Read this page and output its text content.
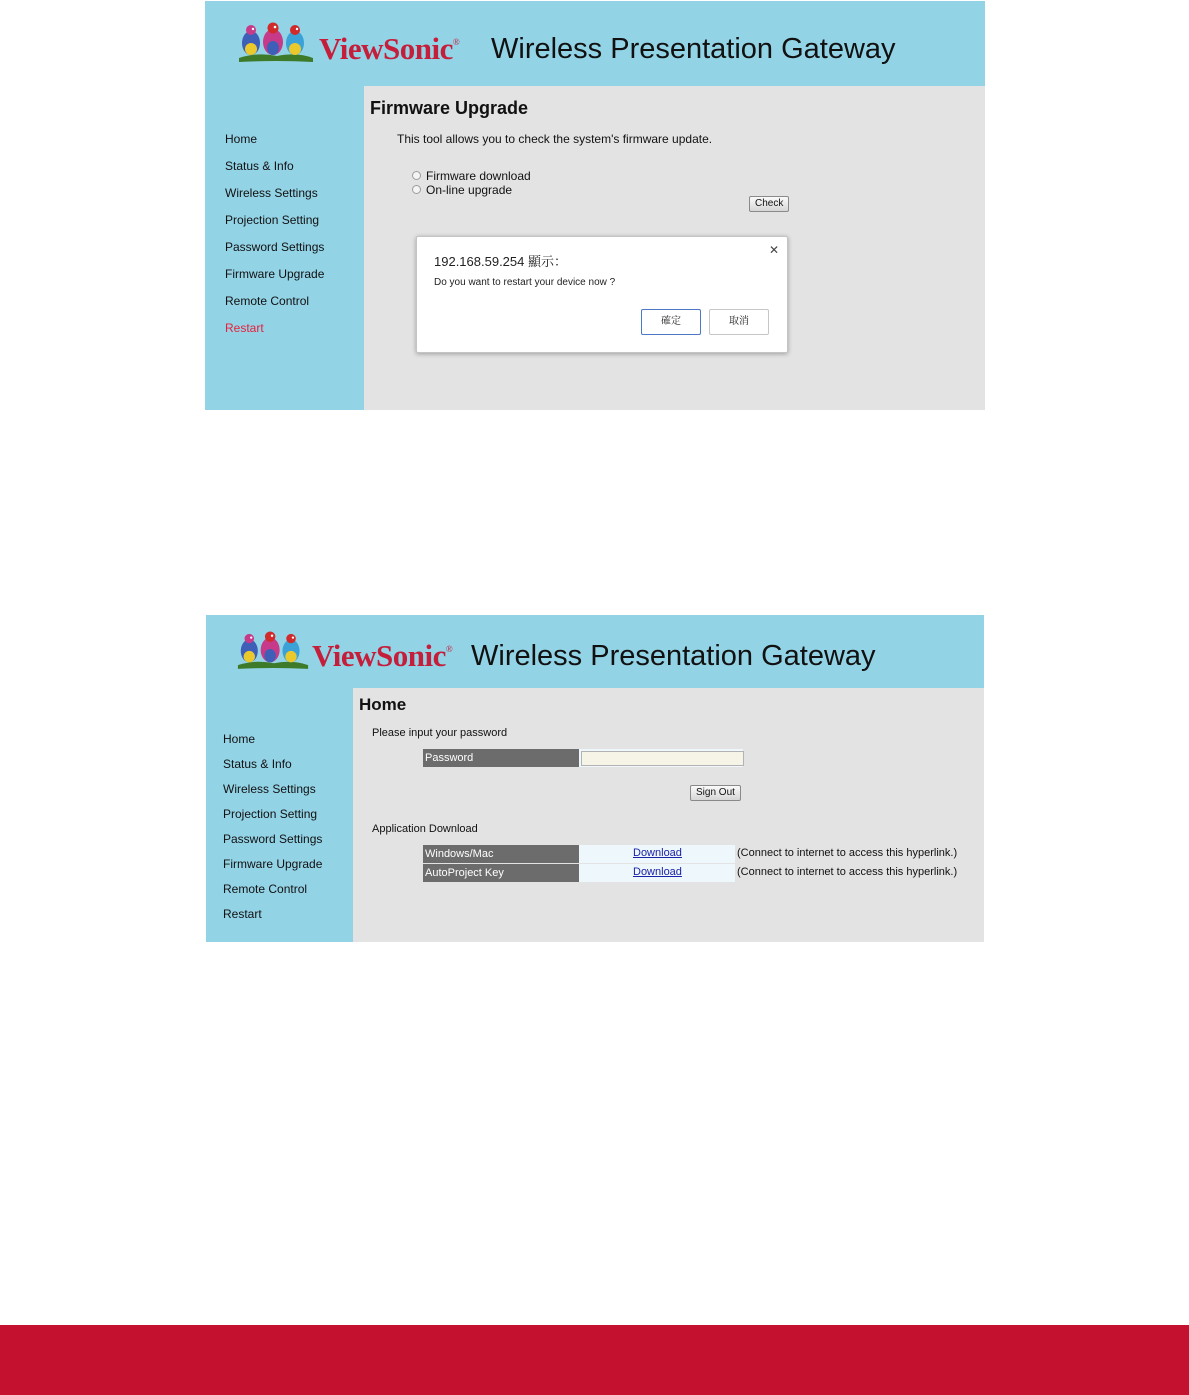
ViewSonic® Wireless Presentation Gateway
Home
Status & Info
Wireless Settings
Projection Setting
Password Settings
Firmware Upgrade
Remote Control
Restart
Firmware Upgrade
This tool allows you to check the system's firmware update.
Firmware download
On-line upgrade
Check
192.168.59.254 顯示：
✕
Do you want to restart your device now ?
確定	取消
ViewSonic® Wireless Presentation Gateway
Home
Status & Info
Wireless Settings
Projection Setting
Password Settings
Firmware Upgrade
Remote Control
Restart
Home
Please input your password
Password
Sign Out
Application Download
Windows/Mac	Download	(Connect to internet to access this hyperlink.)
AutoProject Key	Download	(Connect to internet to access this hyperlink.)
